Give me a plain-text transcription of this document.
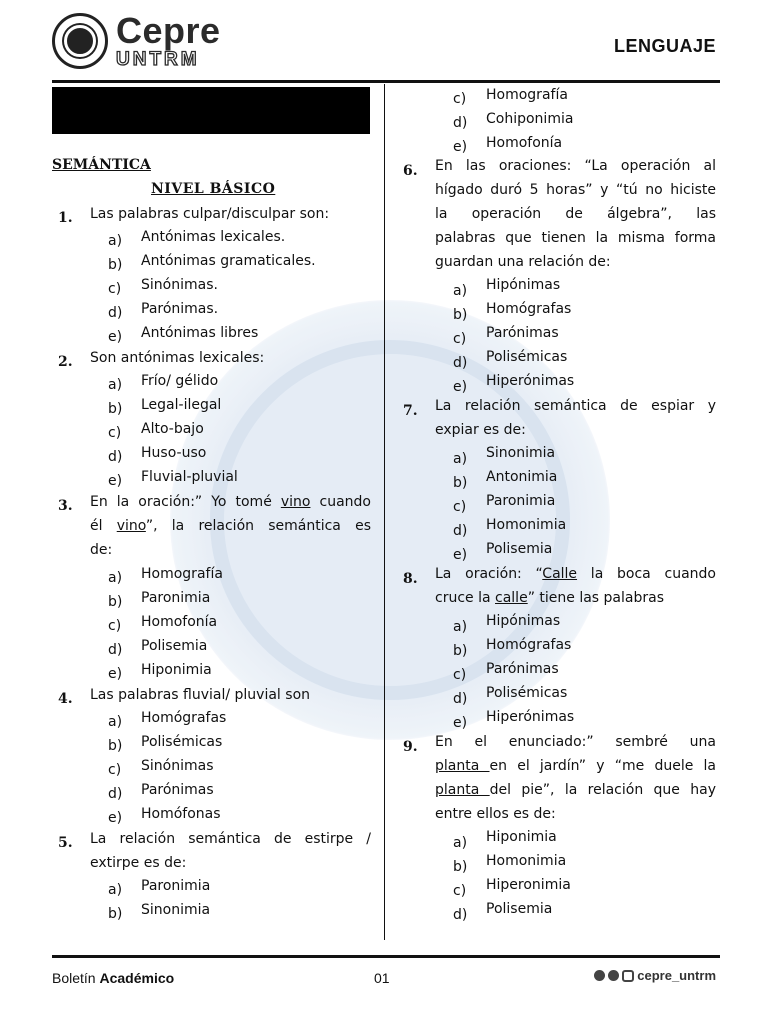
Cepre
UNTRM
LENGUAJE
SEMÁNTICA
NIVEL BÁSICO
1. Las palabras culpar/disculpar son:
a) Antónimas lexicales.
b) Antónimas gramaticales.
c) Sinónimas.
d) Parónimas.
e) Antónimas libres
2. Son antónimas lexicales:
a) Frío/ gélido
b) Legal-ilegal
c) Alto-bajo
d) Huso-uso
e) Fluvial-pluvial
3. En la oración:” Yo tomé vino cuando
él vino”, la relación semántica es
de:
a) Homografía
b) Paronimia
c) Homofonía
d) Polisemia
e) Hiponimia
4. Las palabras fluvial/ pluvial son
a) Homógrafas
b) Polisémicas
c) Sinónimas
d) Parónimas
e) Homófonas
5. La relación semántica de estirpe /
extirpe es de:
a) Paronimia
b) Sinonimia
c) Homografía
d) Cohiponimia
e) Homofonía
6. En las oraciones: “La operación al
hígado duró 5 horas” y “tú no hiciste
la operación de álgebra”, las
palabras que tienen la misma forma
guardan una relación de:
a) Hipónimas
b) Homógrafas
c) Parónimas
d) Polisémicas
e) Hiperónimas
7. La relación semántica de espiar y
expiar es de:
a) Sinonimia
b) Antonimia
c) Paronimia
d) Homonimia
e) Polisemia
8. La oración: “Calle la boca cuando
cruce la calle” tiene las palabras
a) Hipónimas
b) Homógrafas
c) Parónimas
d) Polisémicas
e) Hiperónimas
9. En el enunciado:” sembré una
planta en el jardín” y “me duele la
planta del pie”, la relación que hay
entre ellos es de:
a) Hiponimia
b) Homonimia
c) Hiperonimia
d) Polisemia
Boletín Académico	01	cepre_untrm
